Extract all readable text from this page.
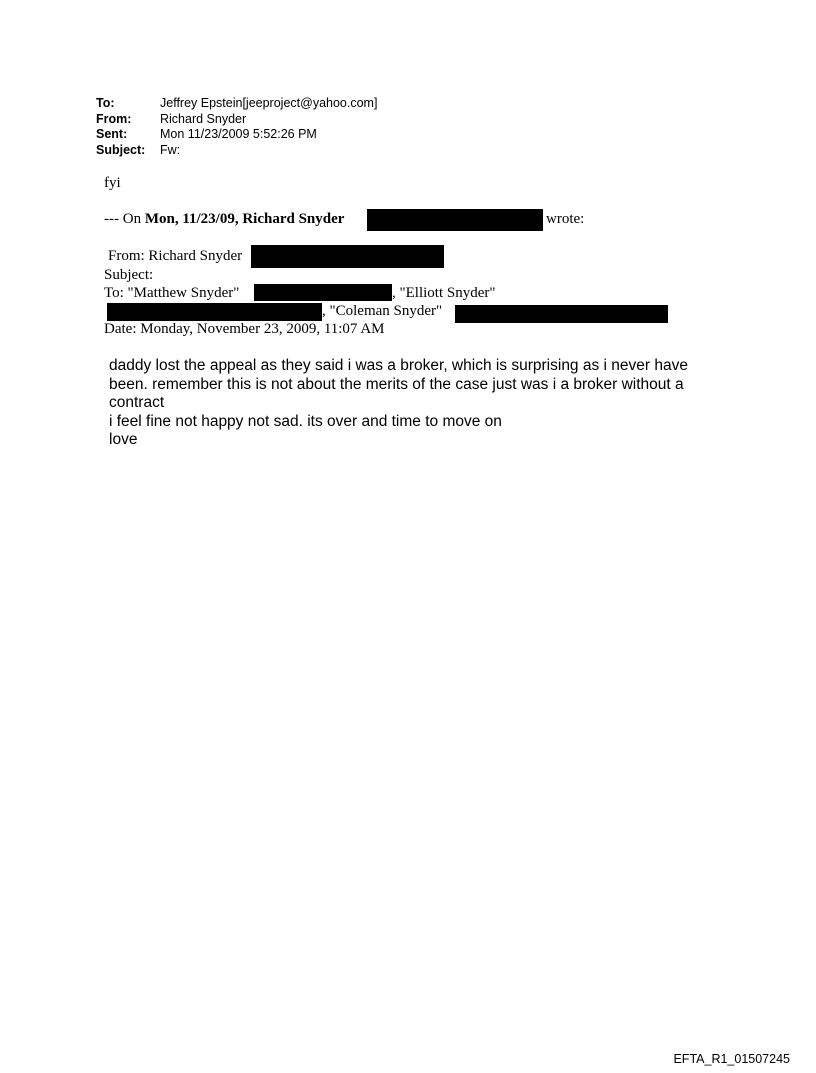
To:	Jeffrey Epstein[jeeproject@yahoo.com]
From:	Richard Snyder
Sent:	Mon 11/23/2009 5:52:26 PM
Subject:	Fw:
fyi
--- On Mon, 11/23/09, Richard Snyder	wrote:
From: Richard Snyder
Subject:
To: "Matthew Snyder"	, "Elliott Snyder"
, "Coleman Snyder"
Date: Monday, November 23, 2009, 11:07 AM
daddy lost the appeal as they said i was a broker, which is surprising as i never have
been. remember this is not about the merits of the case just was i a broker without a
contract
i feel fine not happy not sad. its over and time to move on
love
EFTA_R1_01507245
